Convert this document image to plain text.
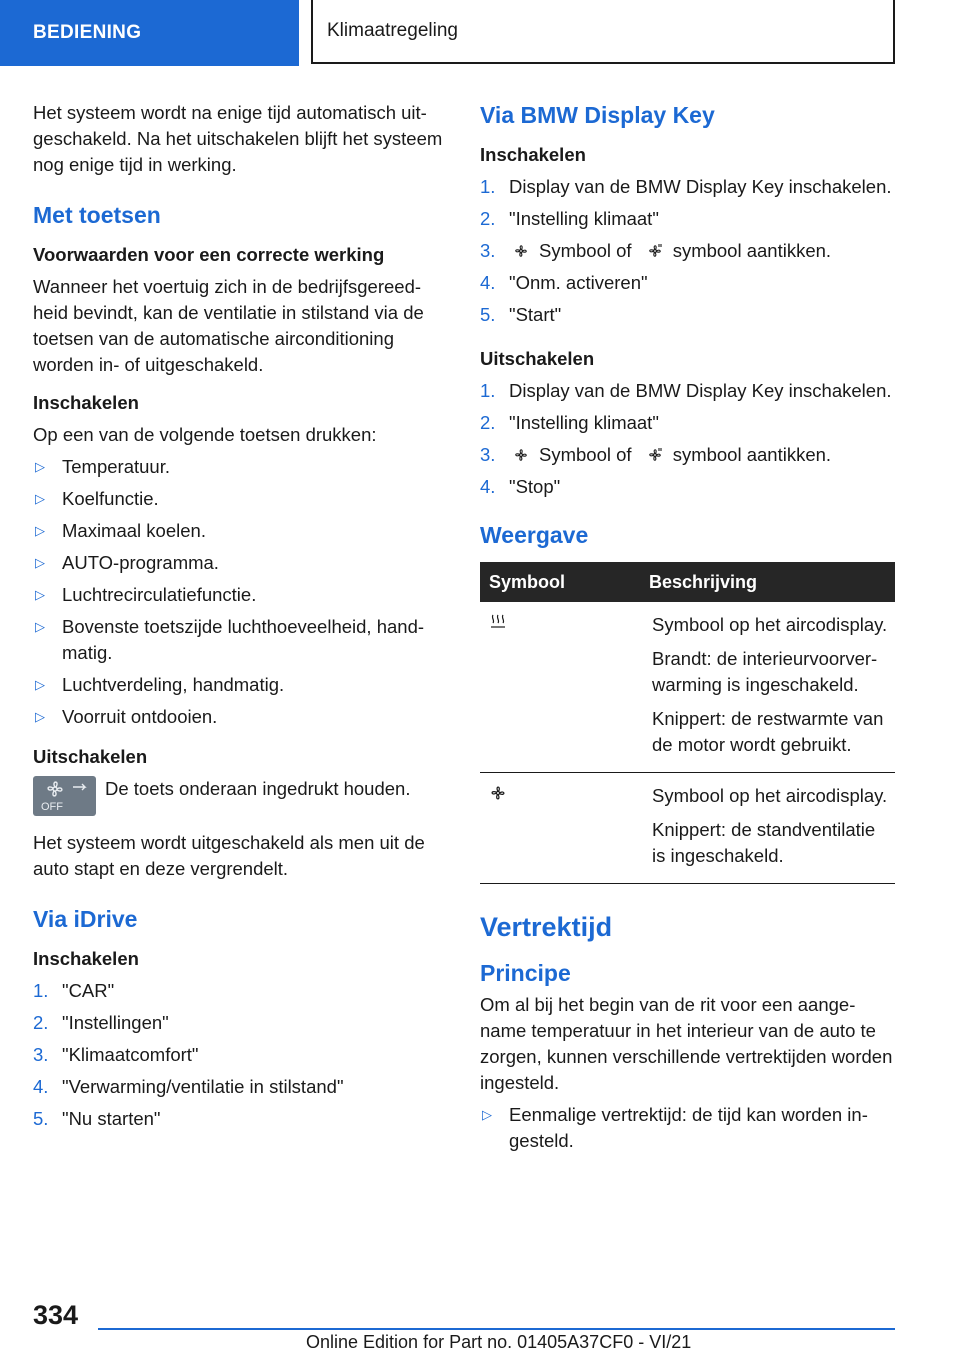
BEDIENING	Klimaatregeling

Het systeem wordt na enige tijd automatisch uitgeschakeld. Na het uitschakelen blijft het systeem nog enige tijd in werking.

Met toetsen
Voorwaarden voor een correcte werking

Wanneer het voertuig zich in de bedrijfsgereedheid bevindt, kan de ventilatie in stilstand via de toetsen van de automatische airconditioning worden in- of uitgeschakeld.

Inschakelen

Op een van de volgende toetsen drukken:

▷ Temperatuur.
▷ Koelfunctie.
▷ Maximaal koelen.
▷ AUTO-programma.
▷ Luchtrecirculatiefunctie.
▷ Bovenste toetszijde luchthoeveelheid, handmatig.
▷ Luchtverdeling, handmatig.
▷ Voorruit ontdooien.
Uitschakelen
OFF
De toets onderaan ingedrukt houden.

Het systeem wordt uitgeschakeld als men uit de auto stapt en deze vergrendelt.

Via iDrive
Inschakelen
1. "CAR"
2. "Instellingen"
3. "Klimaatcomfort"
4. "Verwarming/ventilatie in stilstand"
5. "Nu starten"
Via BMW Display Key
Inschakelen
1. Display van de BMW Display Key inschakelen.
2. "Instelling klimaat"
3. Symbool of symbool aantikken.
4. "Onm. activeren"
5. "Start"
Uitschakelen
1. Display van de BMW Display Key inschakelen.
2. "Instelling klimaat"
3. Symbool of symbool aantikken.
4. "Stop"
Weergave
Symbool	Beschrijving

Symbool op het aircodisplay.

Brandt: de interieurvoorverwarming is ingeschakeld.

Knippert: de restwarmte van de motor wordt gebruikt.

Symbool op het aircodisplay.

Knippert: de standventilatie is ingeschakeld.

Vertrektijd
Principe

Om al bij het begin van de rit voor een aangename temperatuur in het interieur van de auto te zorgen, kunnen verschillende vertrektijden worden ingesteld.

▷ Eenmalige vertrektijd: de tijd kan worden ingesteld.
334
Online Edition for Part no. 01405A37CF0 - VI/21
